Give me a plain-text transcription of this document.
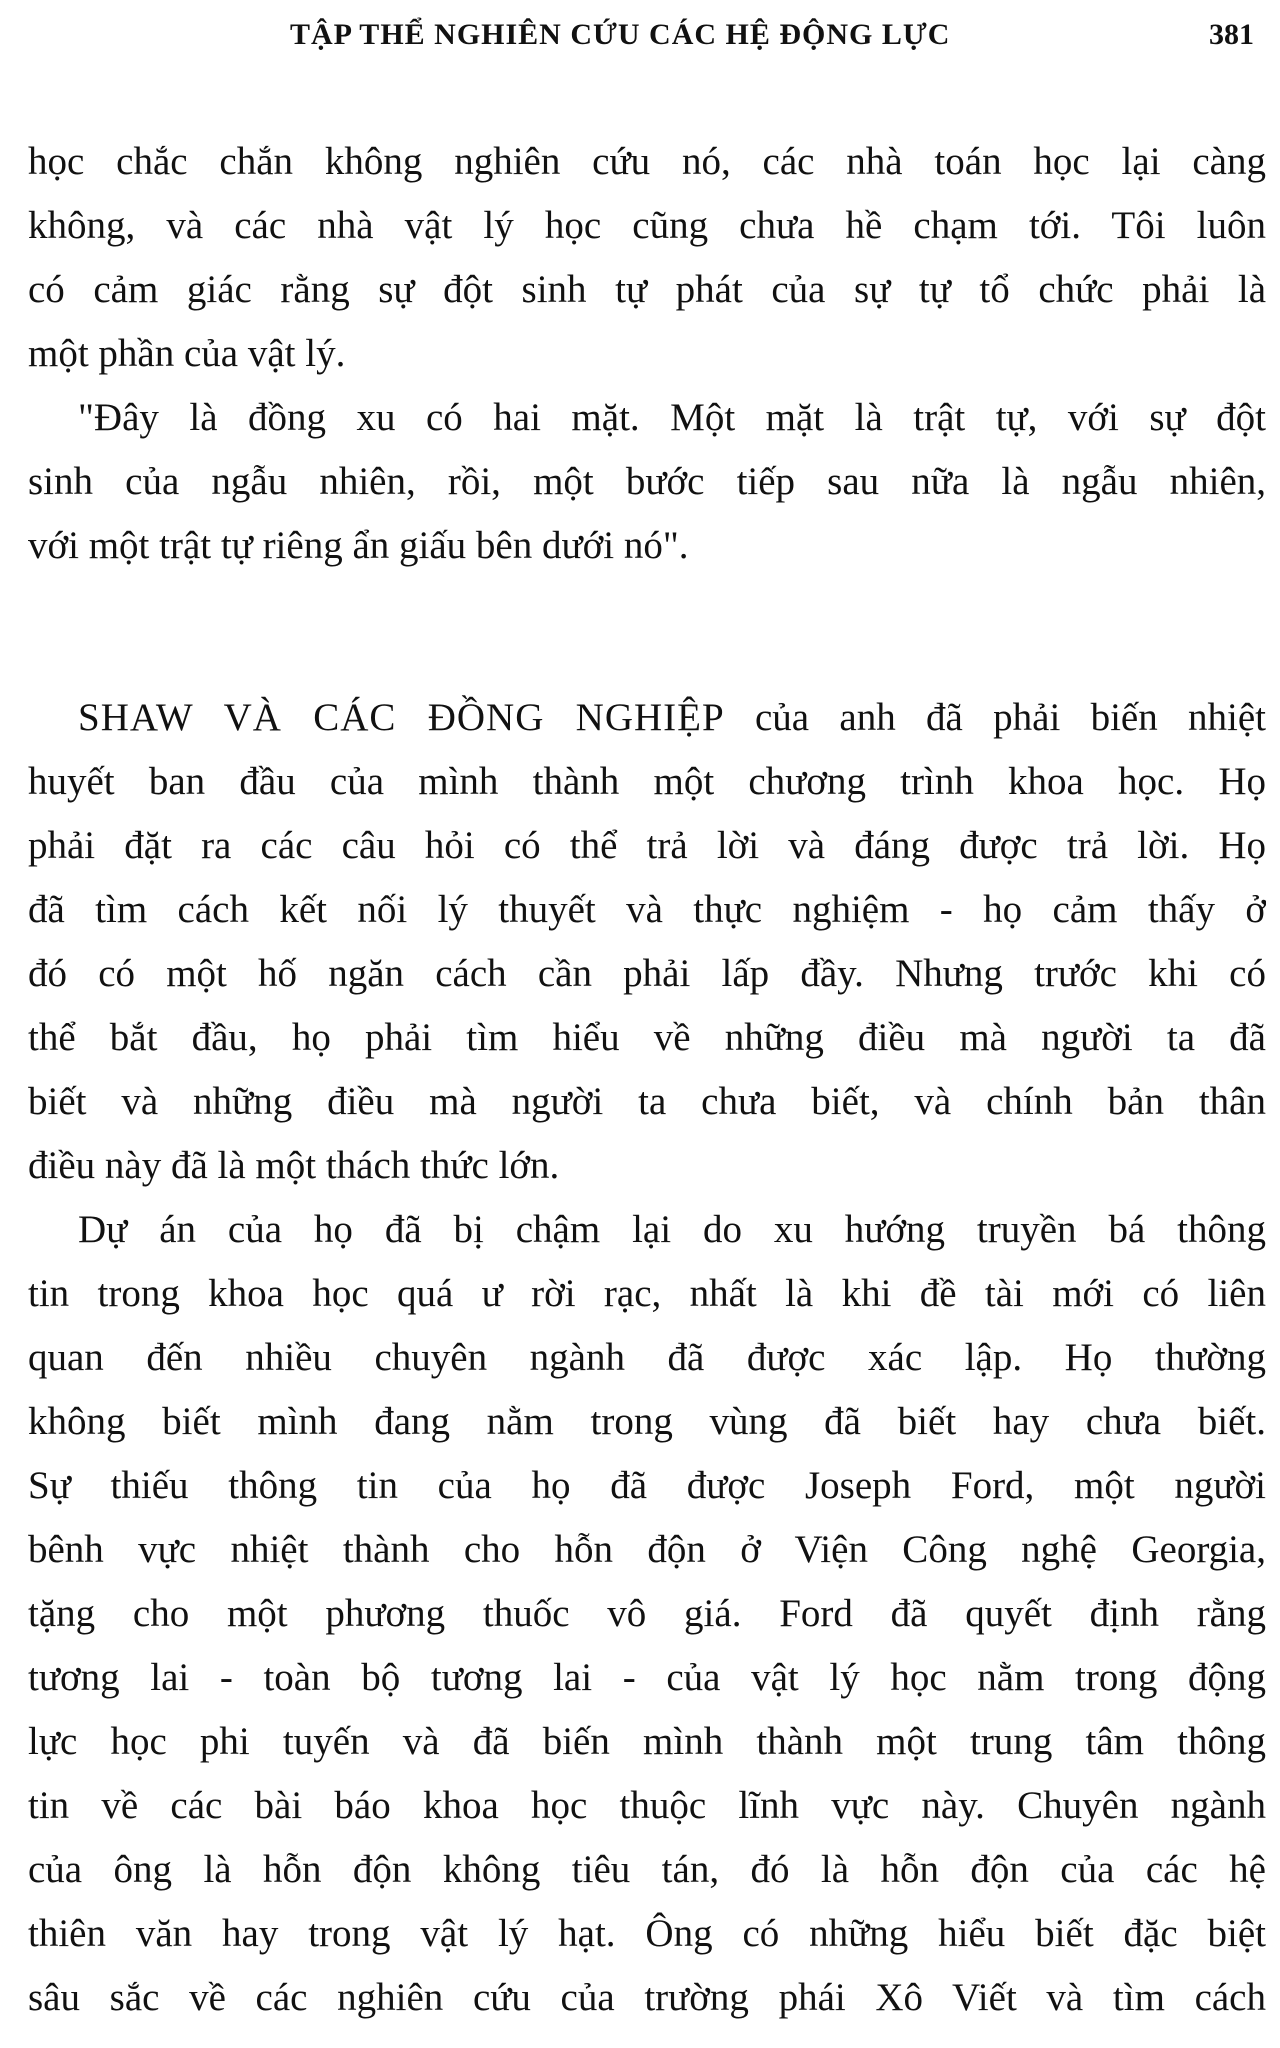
TẬP THỂ NGHIÊN CỨU CÁC HỆ ĐỘNG LỰC	381
học chắc chắn không nghiên cứu nó, các nhà toán học lại càng
không, và các nhà vật lý học cũng chưa hề chạm tới. Tôi luôn
có cảm giác rằng sự đột sinh tự phát của sự tự tổ chức phải là
một phần của vật lý.
"Đây là đồng xu có hai mặt. Một mặt là trật tự, với sự đột
sinh của ngẫu nhiên, rồi, một bước tiếp sau nữa là ngẫu nhiên,
với một trật tự riêng ẩn giấu bên dưới nó".
SHAW VÀ CÁC ĐỒNG NGHIỆP của anh đã phải biến nhiệt
huyết ban đầu của mình thành một chương trình khoa học. Họ
phải đặt ra các câu hỏi có thể trả lời và đáng được trả lời. Họ
đã tìm cách kết nối lý thuyết và thực nghiệm - họ cảm thấy ở
đó có một hố ngăn cách cần phải lấp đầy. Nhưng trước khi có
thể bắt đầu, họ phải tìm hiểu về những điều mà người ta đã
biết và những điều mà người ta chưa biết, và chính bản thân
điều này đã là một thách thức lớn.
Dự án của họ đã bị chậm lại do xu hướng truyền bá thông
tin trong khoa học quá ư rời rạc, nhất là khi đề tài mới có liên
quan đến nhiều chuyên ngành đã được xác lập. Họ thường
không biết mình đang nằm trong vùng đã biết hay chưa biết.
Sự thiếu thông tin của họ đã được Joseph Ford, một người
bênh vực nhiệt thành cho hỗn độn ở Viện Công nghệ Georgia,
tặng cho một phương thuốc vô giá. Ford đã quyết định rằng
tương lai - toàn bộ tương lai - của vật lý học nằm trong động
lực học phi tuyến và đã biến mình thành một trung tâm thông
tin về các bài báo khoa học thuộc lĩnh vực này. Chuyên ngành
của ông là hỗn độn không tiêu tán, đó là hỗn độn của các hệ
thiên văn hay trong vật lý hạt. Ông có những hiểu biết đặc biệt
sâu sắc về các nghiên cứu của trường phái Xô Viết và tìm cách
